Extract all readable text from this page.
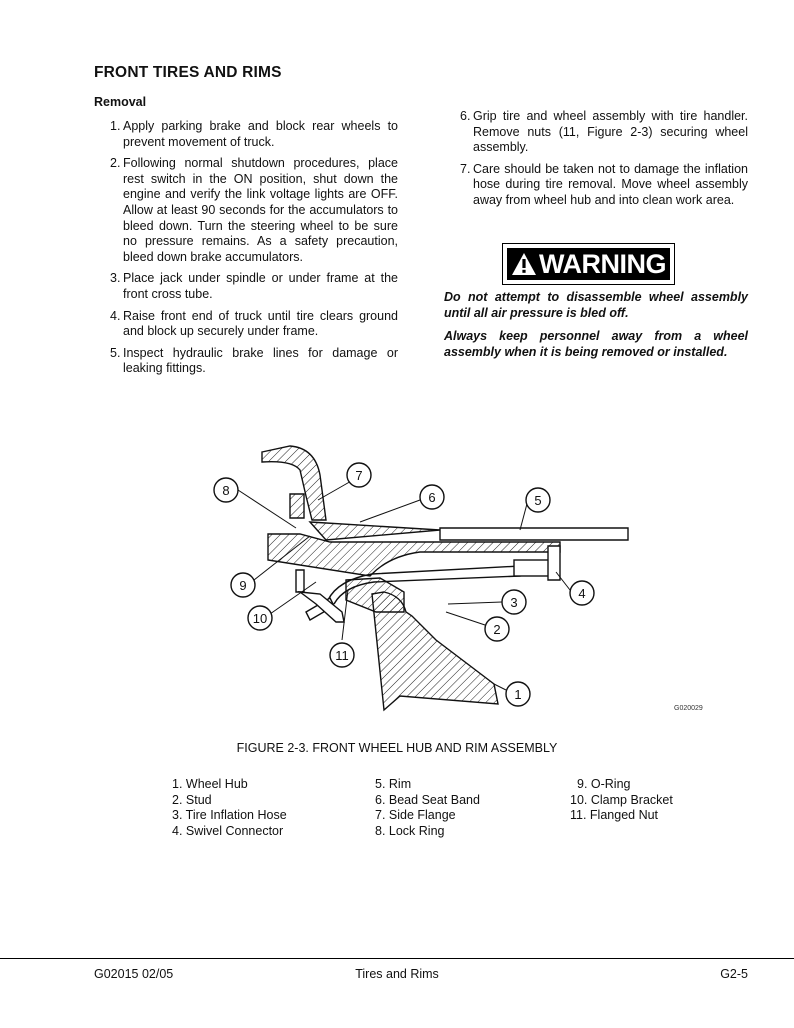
FRONT TIRES AND RIMS
Removal
1. Apply parking brake and block rear wheels to prevent movement of truck.
2. Following normal shutdown procedures, place rest switch in the ON position, shut down the engine and verify the link voltage lights are OFF. Allow at least 90 seconds for the accumulators to bleed down. Turn the steering wheel to be sure no pressure remains. As a safety precaution, bleed down brake accumulators.
3. Place jack under spindle or under frame at the front cross tube.
4. Raise front end of truck until tire clears ground and block up securely under frame.
5. Inspect hydraulic brake lines for damage or leaking fittings.
6. Grip tire and wheel assembly with tire handler. Remove nuts (11, Figure 2-3) securing wheel assembly.
7. Care should be taken not to damage the inflation hose during tire removal. Move wheel assembly away from wheel hub and into clean work area.
WARNING

Do not attempt to disassemble wheel assembly until all air pressure is bled off.

Always keep personnel away from a wheel assembly when it is being removed or installed.

7
8	6	5
9
4
3
10
2
11
1
G020029

FIGURE 2-3. FRONT WHEEL HUB AND RIM ASSEMBLY

1. Wheel Hub
2. Stud
3. Tire Inflation Hose
4. Swivel Connector
5. Rim
6. Bead Seat Band
7. Side Flange
8. Lock Ring
9. O-Ring
10. Clamp Bracket
11. Flanged Nut

G02015 02/05	Tires and Rims	G2-5
